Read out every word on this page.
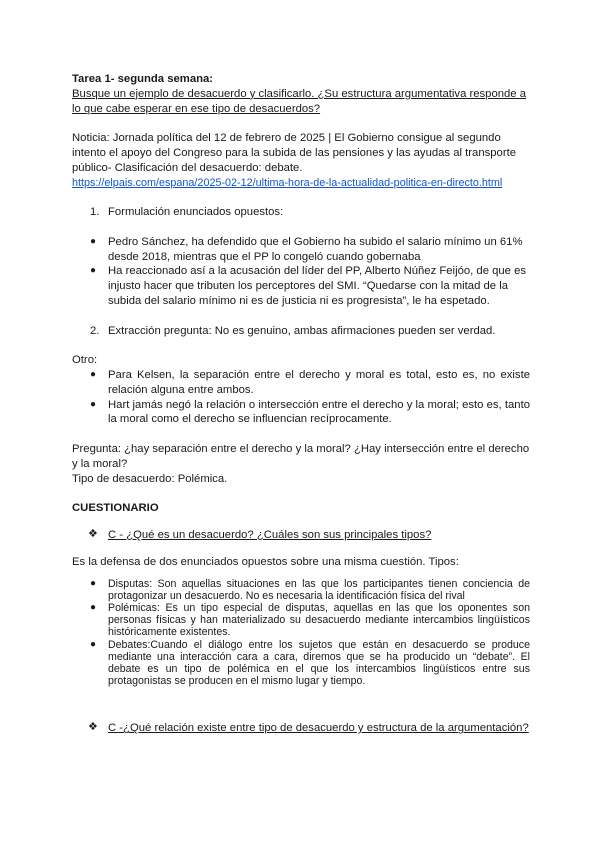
Tarea 1- segunda semana:

Busque un ejemplo de desacuerdo y clasificarlo. ¿Su estructura argumentativa responde a lo que cabe esperar en ese tipo de desacuerdos?

Noticia: Jornada política del 12 de febrero de 2025 | El Gobierno consigue al segundo intento el apoyo del Congreso para la subida de las pensiones y las ayudas al transporte público- Clasificación del desacuerdo: debate.

https://elpais.com/espana/2025-02-12/ultima-hora-de-la-actualidad-politica-en-directo.html

1. Formulación enunciados opuestos:
● Pedro Sánchez, ha defendido que el Gobierno ha subido el salario mínimo un 61% desde 2018, mientras que el PP lo congeló cuando gobernaba
● Ha reaccionado así a la acusación del líder del PP, Alberto Núñez Feijóo, de que es injusto hacer que tributen los perceptores del SMI. “Quedarse con la mitad de la subida del salario mínimo ni es de justicia ni es progresista”, le ha espetado.
2. Extracción pregunta: No es genuino, ambas afirmaciones pueden ser verdad.

Otro:

● Para Kelsen, la separación entre el derecho y moral es total, esto es, no existe relación alguna entre ambos.
● Hart jamás negó la relación o intersección entre el derecho y la moral; esto es, tanto la moral como el derecho se influencian recíprocamente.

Pregunta: ¿hay separación entre el derecho y la moral? ¿Hay intersección entre el derecho y la moral?

Tipo de desacuerdo: Polémica.

CUESTIONARIO

❖ C - ¿Qué es un desacuerdo? ¿Cuáles son sus principales tipos?

Es la defensa de dos enunciados opuestos sobre una misma cuestión. Tipos:

● Disputas: Son aquellas situaciones en las que los participantes tienen conciencia de protagonizar un desacuerdo. No es necesaria la identificación física del rival
● Polémicas: Es un tipo especial de disputas, aquellas en las que los oponentes son personas físicas y han materializado su desacuerdo mediante intercambios lingüísticos históricamente existentes.
● Debates:Cuando el diálogo entre los sujetos que están en desacuerdo se produce mediante una interacción cara a cara, diremos que se ha producido un “debate”. El debate es un tipo de polémica en el que los intercambios lingüísticos entre sus protagonistas se producen en el mismo lugar y tiempo.
❖ C -¿Qué relación existe entre tipo de desacuerdo y estructura de la argumentación?
